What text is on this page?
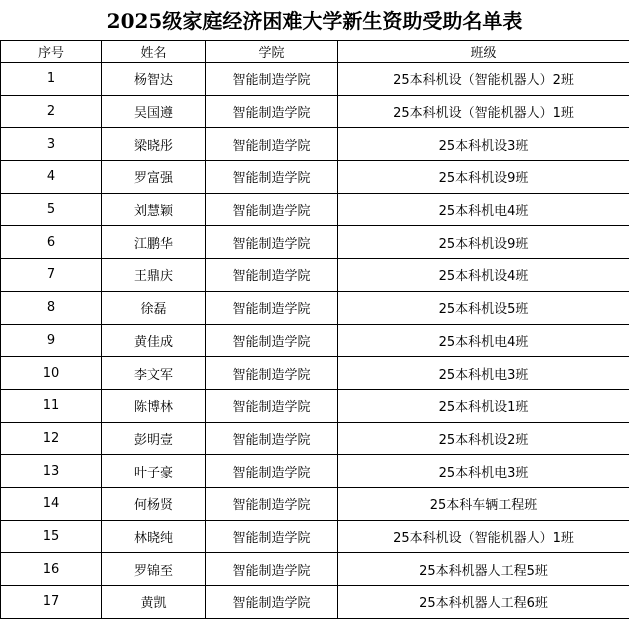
2025级家庭经济困难大学新生资助受助名单表
序号	姓名	学院	班级
1	杨智达	智能制造学院	25本科机设（智能机器人）2班
2	吴国遵	智能制造学院	25本科机设（智能机器人）1班
3	梁晓彤	智能制造学院	25本科机设3班
4	罗富强	智能制造学院	25本科机设9班
5	刘慧颖	智能制造学院	25本科机电4班
6	江鹏华	智能制造学院	25本科机设9班
7	王鼎庆	智能制造学院	25本科机设4班
8	徐磊	智能制造学院	25本科机设5班
9	黄佳成	智能制造学院	25本科机电4班
10	李文军	智能制造学院	25本科机电3班
11	陈博林	智能制造学院	25本科机设1班
12	彭明壹	智能制造学院	25本科机设2班
13	叶子豪	智能制造学院	25本科机电3班
14	何杨贤	智能制造学院	25本科车辆工程班
15	林晓纯	智能制造学院	25本科机设（智能机器人）1班
16	罗锦至	智能制造学院	25本科机器人工程5班
17	黄凯	智能制造学院	25本科机器人工程6班
